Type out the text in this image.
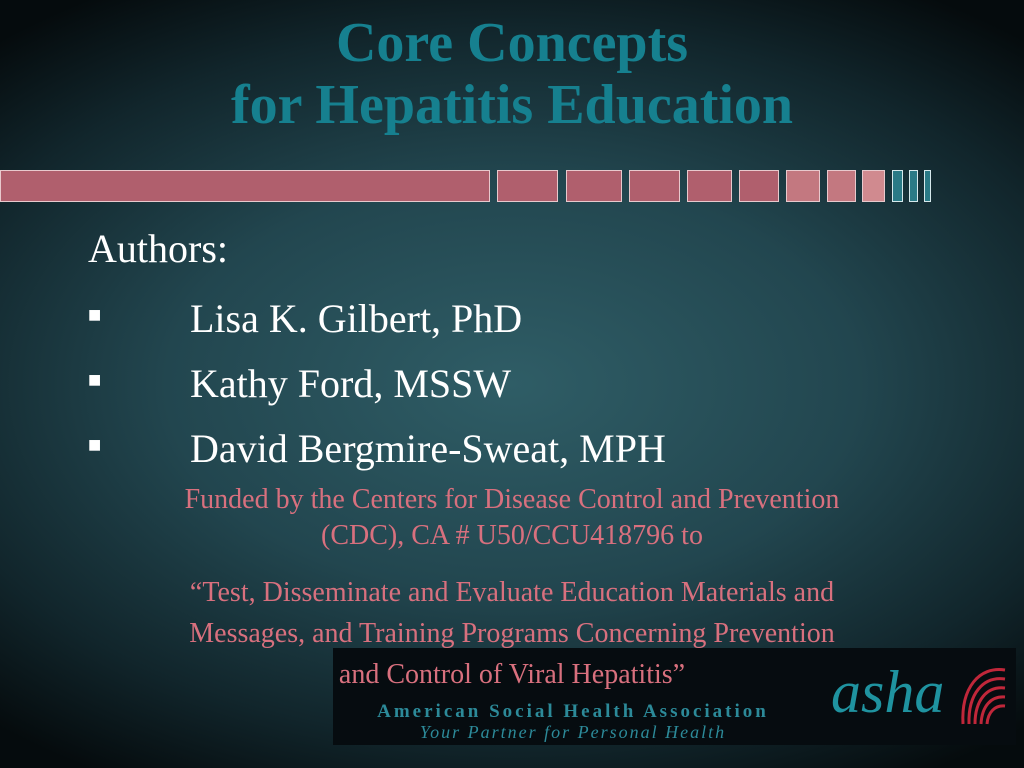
Core Concepts
for Hepatitis Education

Authors:

■ Lisa K. Gilbert, PhD
■ Kathy Ford, MSSW
■ David Bergmire-Sweat, MPH

Funded by the Centers for Disease Control and Prevention
(CDC), CA # U50/CCU418796 to

American Social Health Association
Your Partner for Personal Health
asha

“Test, Disseminate and Evaluate Education Materials and
Messages, and Training Programs Concerning Prevention
and Control of Viral Hepatitis”
